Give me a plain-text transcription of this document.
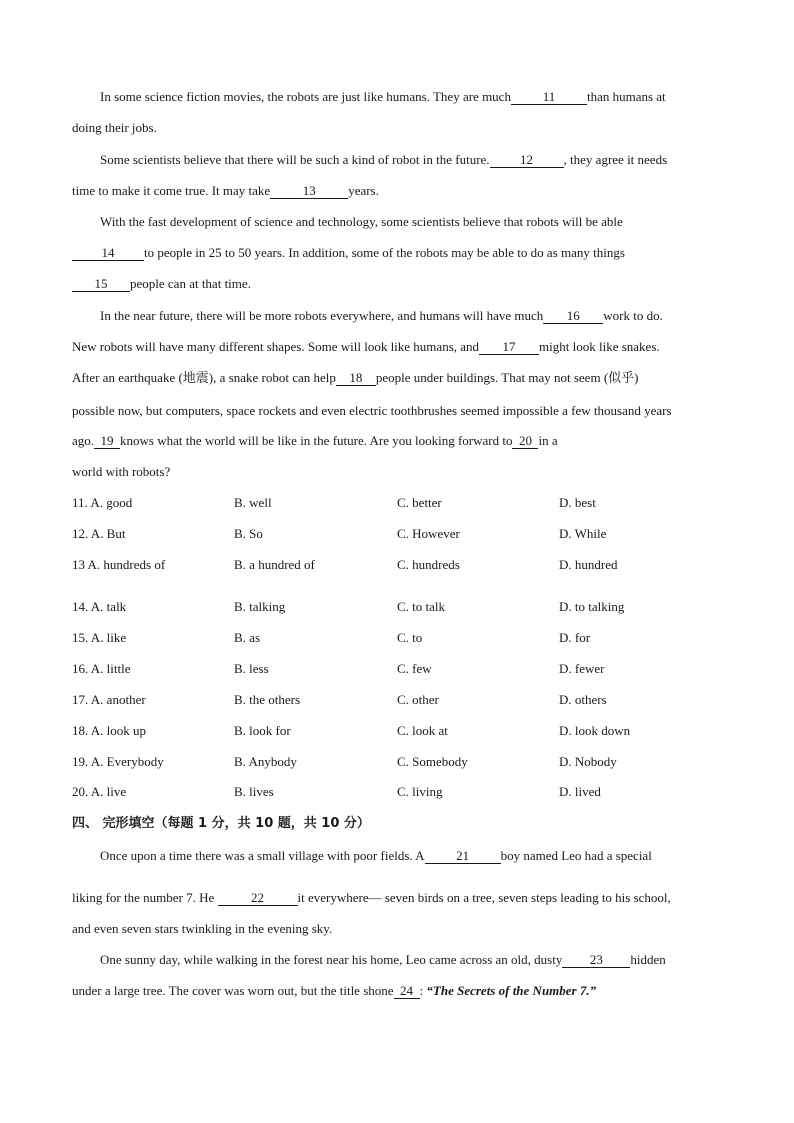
In some science fiction movies, the robots are just like humans. They are much 11 than humans at
doing their jobs.
Some scientists believe that there will be such a kind of robot in the future. 12 , they agree it needs
time to make it come true. It may take	13	years.
With the fast development of science and technology, some scientists believe that robots will be able
14 to people in 25 to 50 years. In addition, some of the robots may be able to do as many things
15 people can at that time.
In the near future, there will be more robots everywhere, and humans will have much 16 work to do.
New robots will have many different shapes. Some will look like humans, and 17 might look like snakes.
After an earthquake (地震), a snake robot can help 18 people under buildings. That may not seem (似乎)
possible now, but computers, space rockets and even electric toothbrushes seemed impossible a few thousand years
ago. 19 knows what the world will be like in the future. Are you looking forward to 20 in a
world with robots?
11. A. good	B. well	C. better	D. best
12. A. But	B. So	C. However	D. While
13 A. hundreds of	B. a hundred of	C. hundreds	D. hundred
14. A. talk	B. talking	C. to talk	D. to talking
15. A. like	B. as	C. to	D. for
16. A. little	B. less	C. few	D. fewer
17. A. another	B. the others	C. other	D. others
18. A. look up	B. look for	C. look at	D. look down
19. A. Everybody	B. Anybody	C. Somebody	D. Nobody
20. A. live	B. lives	C. living	D. lived
四、 完形填空（每题 1 分，共 10 题，共 10 分）
Once upon a time there was a small village with poor fields. A 21 boy named Leo had a special
liking for the number 7. He	22	it everywhere— seven birds on a tree, seven steps leading to his school,
and even seven stars twinkling in the evening sky.
One sunny day, while walking in the forest near his home, Leo came across an old, dusty 23 hidden
under a large tree. The cover was worn out, but the title shone 24 : “The Secrets of the Number 7.”
